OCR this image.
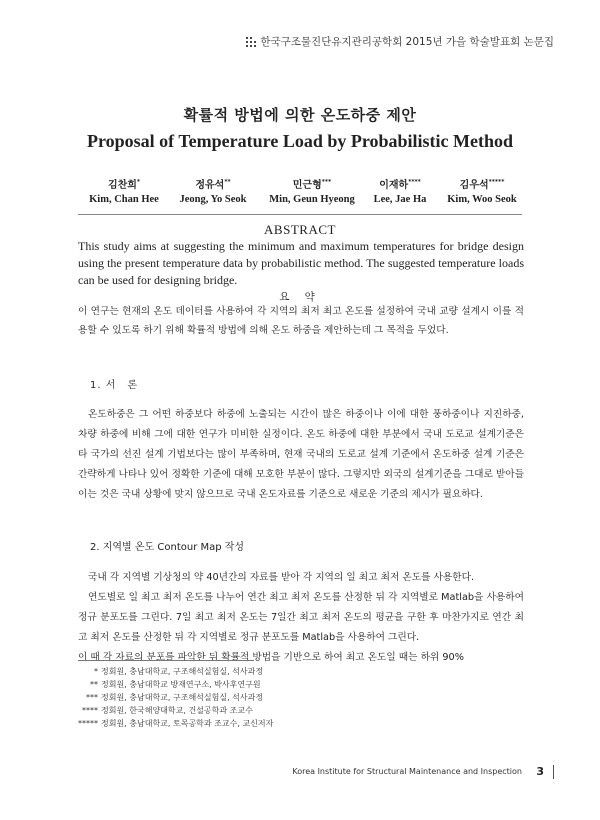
한국구조물진단유지관리공학회 2015년 가을 학술발표회 논문집
확률적 방법에 의한 온도하중 제안
Proposal of Temperature Load by Probabilistic Method
김찬희*
Kim, Chan Hee
정유석**
Jeong, Yo Seok
민근형***
Min, Geun Hyeong
이재하****
Lee, Jae Ha
김우석*****
Kim, Woo Seok
ABSTRACT
This study aims at suggesting the minimum and maximum temperatures for bridge design using the present temperature data by probabilistic method. The suggested temperature loads can be used for designing bridge.
요 약
이 연구는 현재의 온도 데이터를 사용하여 각 지역의 최저 최고 온도를 설정하여 국내 교량 설계시 이를 적용할 수 있도록 하기 위해 확률적 방법에 의해 온도 하중을 제안하는데 그 목적을 두었다.
1. 서　론
온도하중은 그 어떤 하중보다 하중에 노출되는 시간이 많은 하중이나 이에 대한 풍하중이나 지진하중, 차량 하중에 비해 그에 대한 연구가 미비한 실정이다. 온도 하중에 대한 부분에서 국내 도로교 설계기준은 타 국가의 선진 설계 기법보다는 많이 부족하며, 현재 국내의 도로교 설계 기준에서 온도하중 설계 기준은 간략하게 나타나 있어 정확한 기준에 대해 모호한 부분이 많다. 그렇지만 외국의 설계기준을 그대로 받아들이는 것은 국내 상황에 맞지 않으므로 국내 온도자료를 기준으로 새로운 기준의 제시가 필요하다.
2. 지역별 온도 Contour Map 작성

국내 각 지역별 기상청의 약 40년간의 자료를 받아 각 지역의 일 최고 최저 온도를 사용한다.

연도별로 일 최고 최저 온도를 나누어 연간 최고 최저 온도를 산정한 뒤 각 지역별로 Matlab을 사용하여 정규 분포도를 그린다. 7일 최고 최저 온도는 7일간 최고 최저 온도의 평균을 구한 후 마찬가지로 연간 최고 최저 온도를 산정한 뒤 각 지역별로 정규 분포도를 Matlab을 사용하여 그린다.

이 때 각 자료의 분포를 파악한 뒤 확률적 방법을 기반으로 하여 최고 온도일 때는 하위 90%

* 정회원, 충남대학교, 구조해석실험실, 석사과정
** 정회원, 충남대학교 방재연구소, 박사후연구원
*** 정회원, 충남대학교, 구조해석실험실, 석사과정
**** 정회원, 한국해양대학교, 건설공학과 조교수
***** 정회원, 충남대학교, 토목공학과 조교수, 교신저자
Korea Institute for Structural Maintenance and Inspection 3
